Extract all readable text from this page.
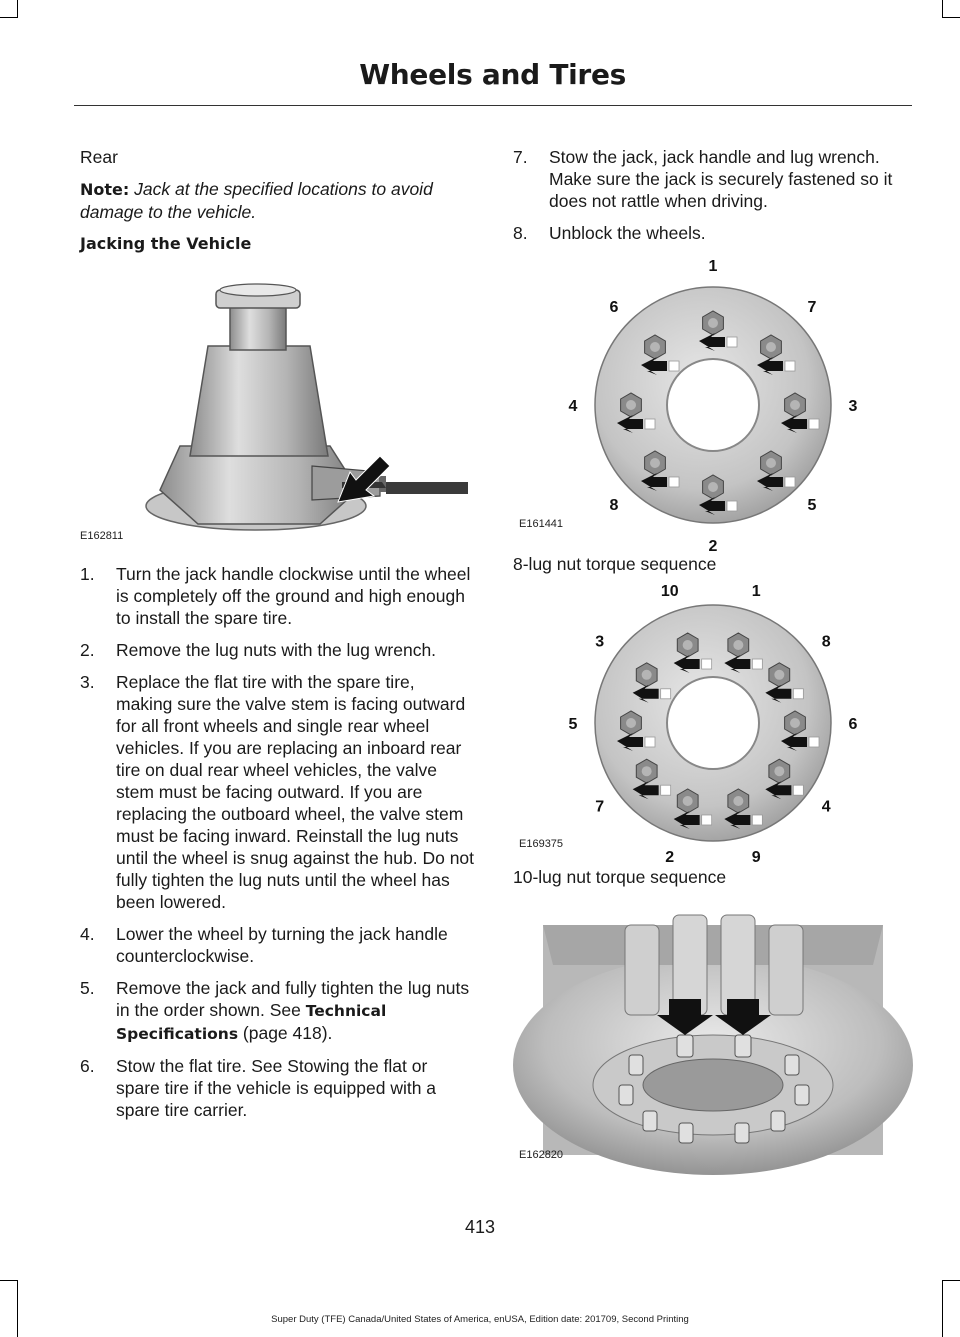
Wheels and Tires

Rear

Note: Jack at the specified locations to avoid damage to the vehicle.

Jacking the Vehicle

E162811
1. Turn the jack handle clockwise until the wheel is completely off the ground and high enough to install the spare tire.
2. Remove the lug nuts with the lug wrench.
3. Replace the flat tire with the spare tire, making sure the valve stem is facing outward for all front wheels and single rear wheel vehicles. If you are replacing an inboard rear tire on dual rear wheel vehicles, the valve stem must be facing outward. If you are replacing the outboard wheel, the valve stem must be facing inward. Reinstall the lug nuts until the wheel is snug against the hub. Do not fully tighten the lug nuts until the wheel has been lowered.
4. Lower the wheel by turning the jack handle counterclockwise.
5. Remove the jack and fully tighten the lug nuts in the order shown. See Technical Specifications (page 418).
6. Stow the flat tire. See Stowing the flat or spare tire if the vehicle is equipped with a spare tire carrier.
7. Stow the jack, jack handle and lug wrench. Make sure the jack is securely fastened so it does not rattle when driving.
8. Unblock the wheels.
1
7
3
5
2
8
4
6
E161441
8-lug nut torque sequence
1
8
6
4
9
2
7
5
3
10
E169375
10-lug nut torque sequence
E162820
413
Super Duty (TFE) Canada/United States of America, enUSA, Edition date: 201709, Second Printing
